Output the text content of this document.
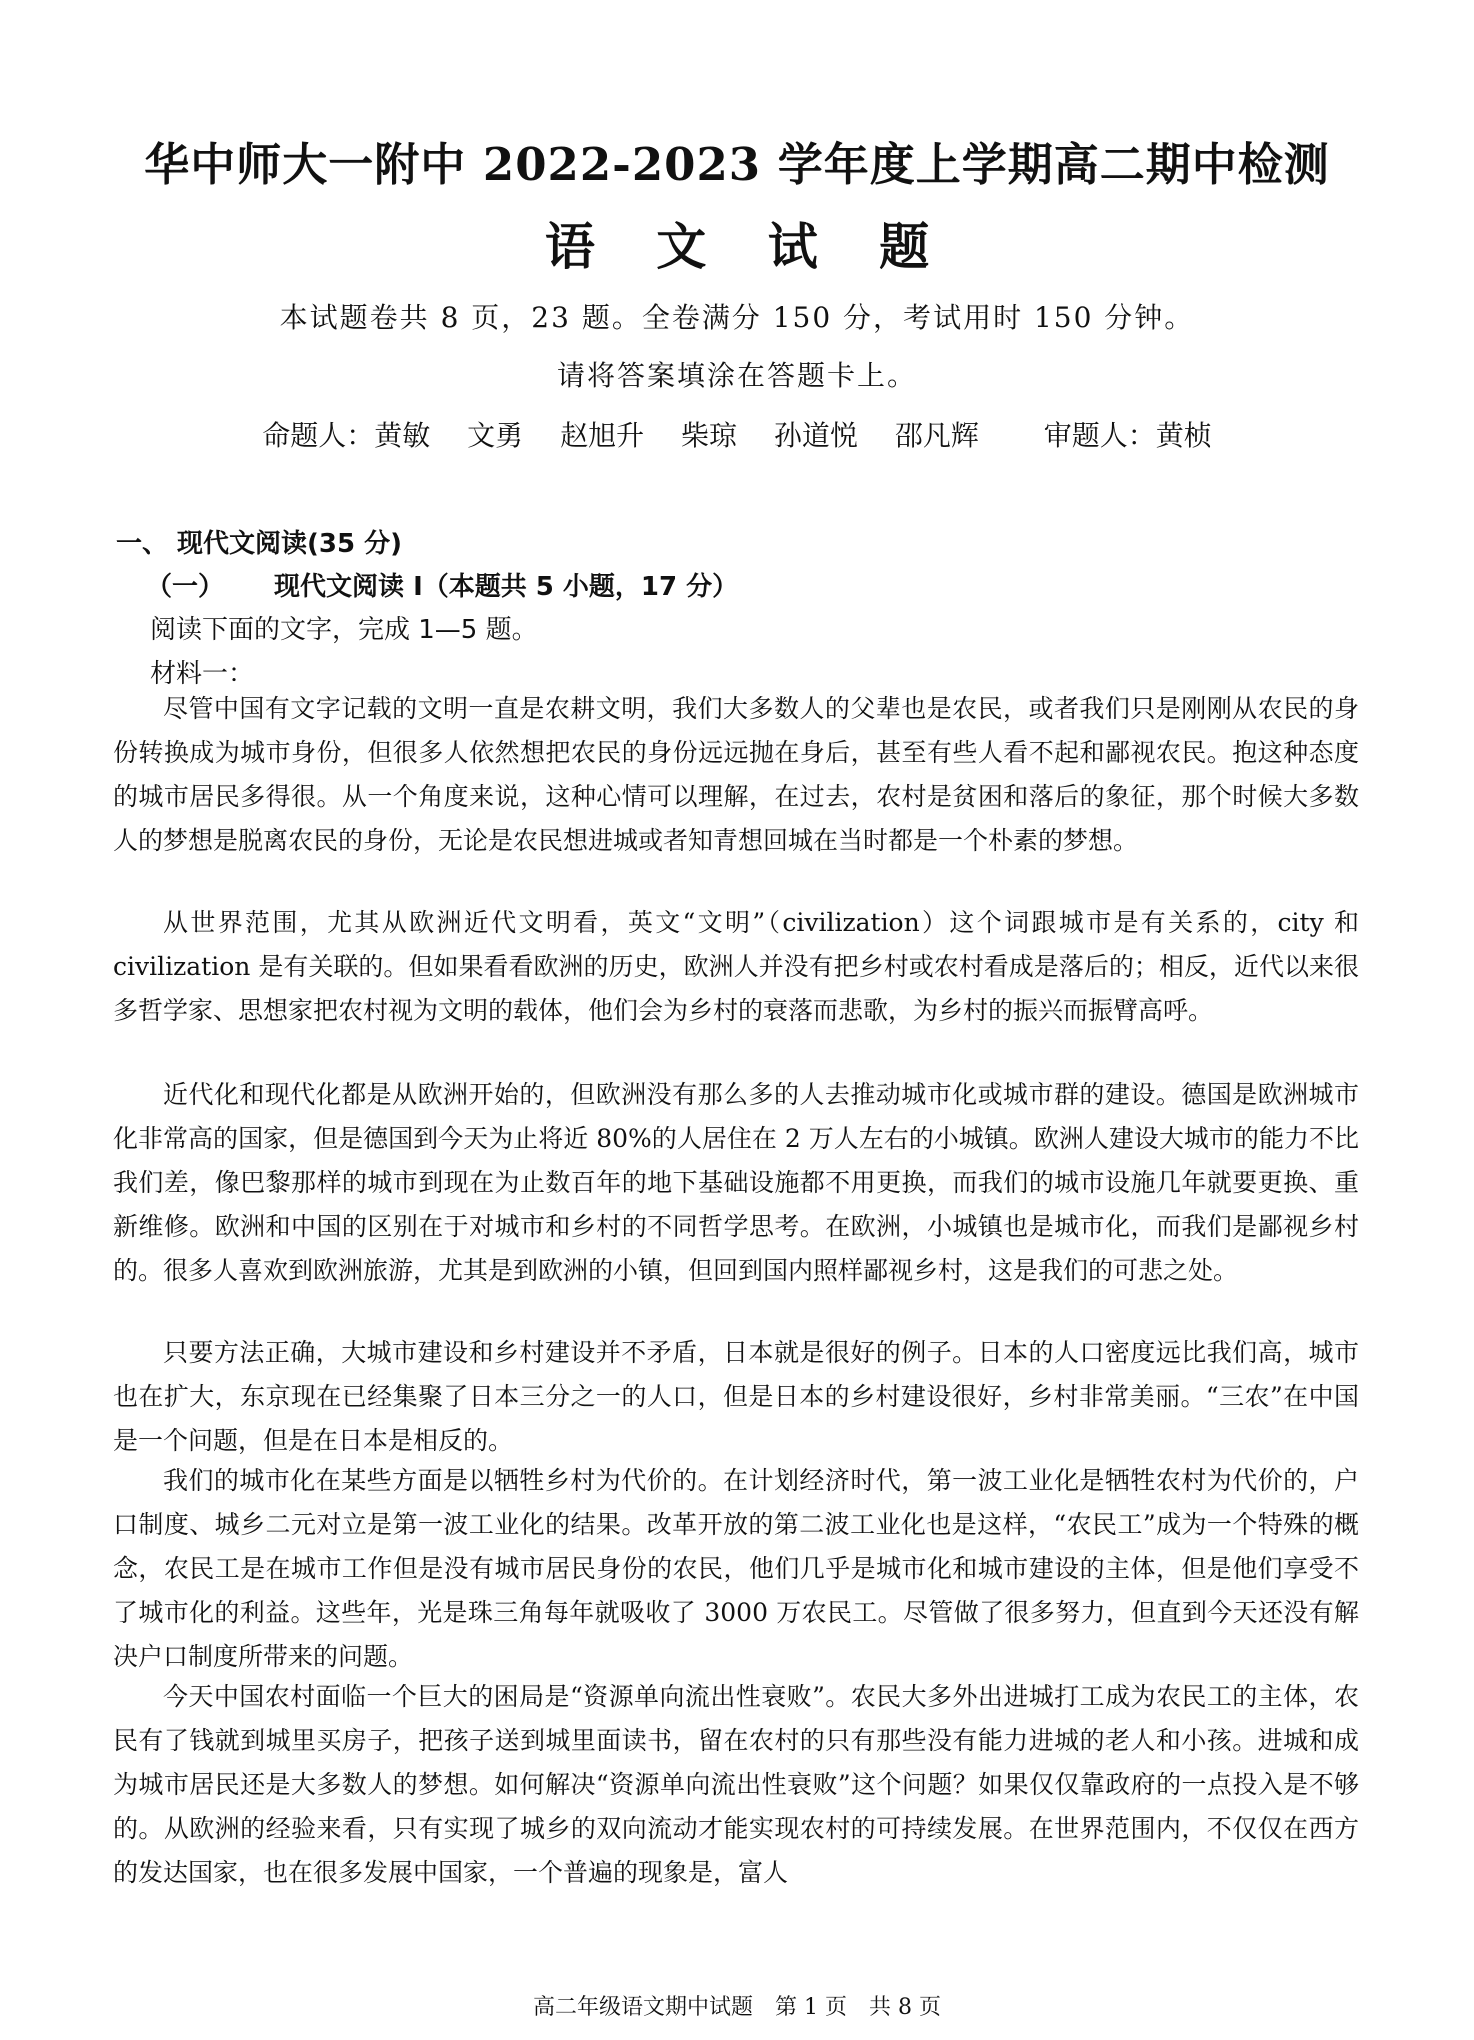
华中师大一附中 2022-2023 学年度上学期高二期中检测
语 文 试 题
本试题卷共 8 页，23 题。全卷满分 150 分，考试用时 150 分钟。
请将答案填涂在答题卡上。
命题人：黄敏 文勇 赵旭升 柴琼 孙道悦 邵凡辉 审题人：黄桢
一、 现代文阅读(35 分)
（一） 现代文阅读 I（本题共 5 小题，17 分）
阅读下面的文字，完成 1—5 题。
材料一：

尽管中国有文字记载的文明一直是农耕文明，我们大多数人的父辈也是农民，或者我们只是刚刚从农民的身份转换成为城市身份，但很多人依然想把农民的身份远远抛在身后，甚至有些人看不起和鄙视农民。抱这种态度的城市居民多得很。从一个角度来说，这种心情可以理解，在过去，农村是贫困和落后的象征，那个时候大多数人的梦想是脱离农民的身份，无论是农民想进城或者知青想回城在当时都是一个朴素的梦想。

从世界范围，尤其从欧洲近代文明看，英文“文明”（civilization）这个词跟城市是有关系的，city 和 civilization 是有关联的。但如果看看欧洲的历史，欧洲人并没有把乡村或农村看成是落后的；相反，近代以来很多哲学家、思想家把农村视为文明的载体，他们会为乡村的衰落而悲歌，为乡村的振兴而振臂高呼。

近代化和现代化都是从欧洲开始的，但欧洲没有那么多的人去推动城市化或城市群的建设。德国是欧洲城市化非常高的国家，但是德国到今天为止将近 80%的人居住在 2 万人左右的小城镇。欧洲人建设大城市的能力不比我们差，像巴黎那样的城市到现在为止数百年的地下基础设施都不用更换，而我们的城市设施几年就要更换、重新维修。欧洲和中国的区别在于对城市和乡村的不同哲学思考。在欧洲，小城镇也是城市化，而我们是鄙视乡村的。很多人喜欢到欧洲旅游，尤其是到欧洲的小镇，但回到国内照样鄙视乡村，这是我们的可悲之处。

只要方法正确，大城市建设和乡村建设并不矛盾，日本就是很好的例子。日本的人口密度远比我们高，城市也在扩大，东京现在已经集聚了日本三分之一的人口，但是日本的乡村建设很好，乡村非常美丽。“三农”在中国是一个问题，但是在日本是相反的。

我们的城市化在某些方面是以牺牲乡村为代价的。在计划经济时代，第一波工业化是牺牲农村为代价的，户口制度、城乡二元对立是第一波工业化的结果。改革开放的第二波工业化也是这样，“农民工”成为一个特殊的概念，农民工是在城市工作但是没有城市居民身份的农民，他们几乎是城市化和城市建设的主体，但是他们享受不了城市化的利益。这些年，光是珠三角每年就吸收了 3000 万农民工。尽管做了很多努力，但直到今天还没有解决户口制度所带来的问题。

今天中国农村面临一个巨大的困局是“资源单向流出性衰败”。农民大多外出进城打工成为农民工的主体，农民有了钱就到城里买房子，把孩子送到城里面读书，留在农村的只有那些没有能力进城的老人和小孩。进城和成为城市居民还是大多数人的梦想。如何解决“资源单向流出性衰败”这个问题？如果仅仅靠政府的一点投入是不够的。从欧洲的经验来看，只有实现了城乡的双向流动才能实现农村的可持续发展。在世界范围内，不仅仅在西方的发达国家，也在很多发展中国家，一个普遍的现象是，富人

高二年级语文期中试题　第 1 页　共 8 页
